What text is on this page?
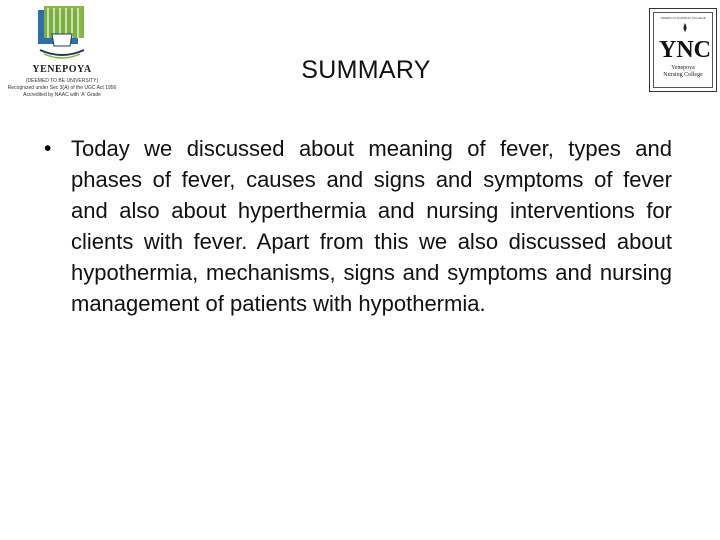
YENEPOYA
(DEEMED TO BE UNIVERSITY)
Recognized under Sec 3(A) of the UGC Act 1956
Accredited by NAAC with 'A' Grade
SUMMARY
YENEPOYA NURSING COLLEGE
YNC
Yenepoya
Nursing College
• Today we discussed about meaning of fever, types and phases of fever, causes and signs and symptoms of fever and also about hyperthermia and nursing interventions for clients with fever. Apart from this we also discussed about hypothermia, mechanisms, signs and symptoms and nursing management of patients with hypothermia.
